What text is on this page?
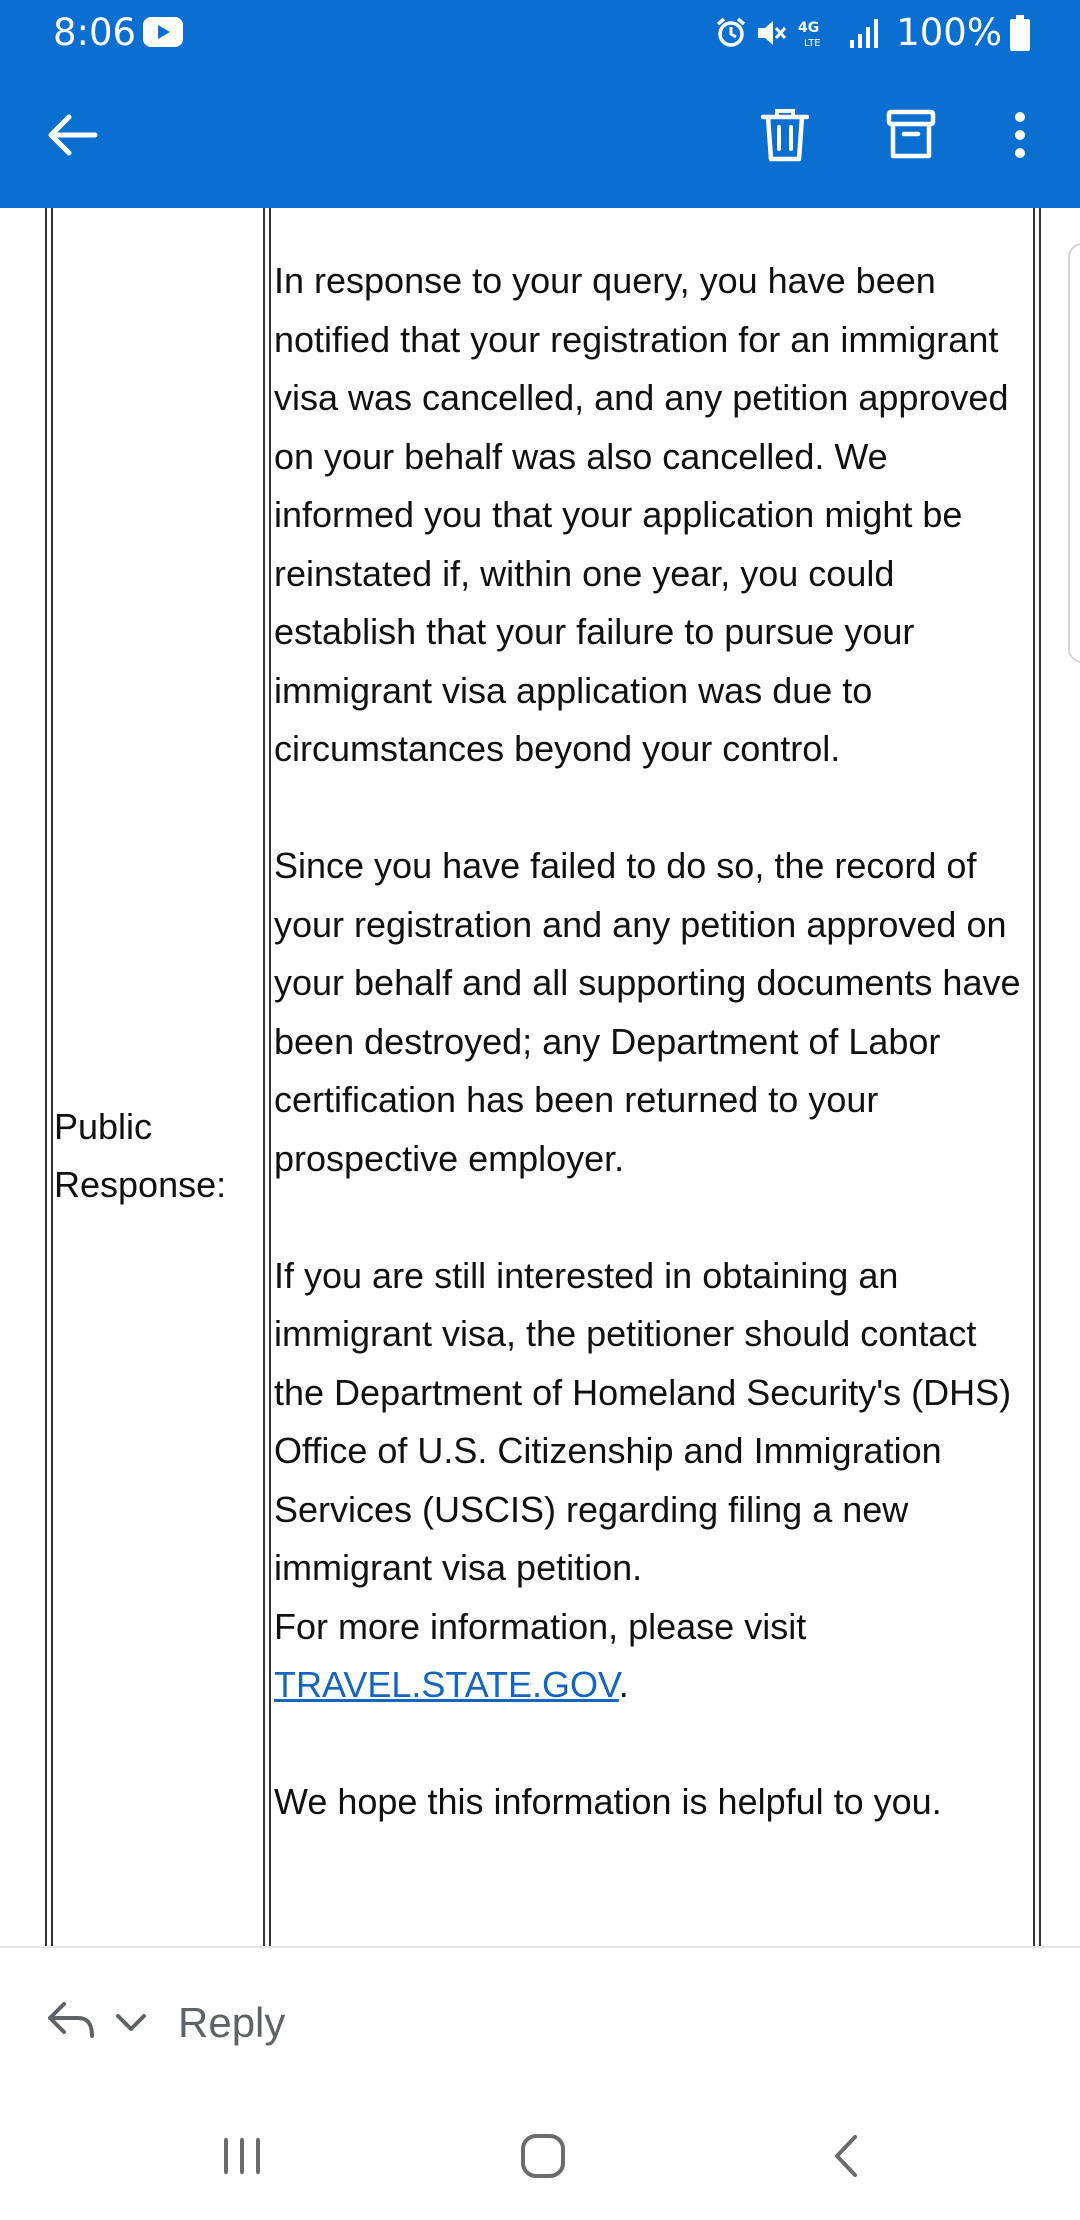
8:06	4G
LTE 100%
Public
Response:

In response to your query, you have been notified that your registration for an immigrant visa was cancelled, and any petition approved on your behalf was also cancelled. We informed you that your application might be reinstated if, within one year, you could establish that your failure to pursue your immigrant visa application was due to circumstances beyond your control.

Since you have failed to do so, the record of your registration and any petition approved on your behalf and all supporting documents have been destroyed; any Department of Labor certification has been returned to your prospective employer.

If you are still interested in obtaining an immigrant visa, the petitioner should contact the Department of Homeland Security's (DHS) Office of U.S. Citizenship and Immigration Services (USCIS) regarding filing a new immigrant visa petition.

For more information, please visit
TRAVEL.STATE.GOV.

We hope this information is helpful to you.

Reply
